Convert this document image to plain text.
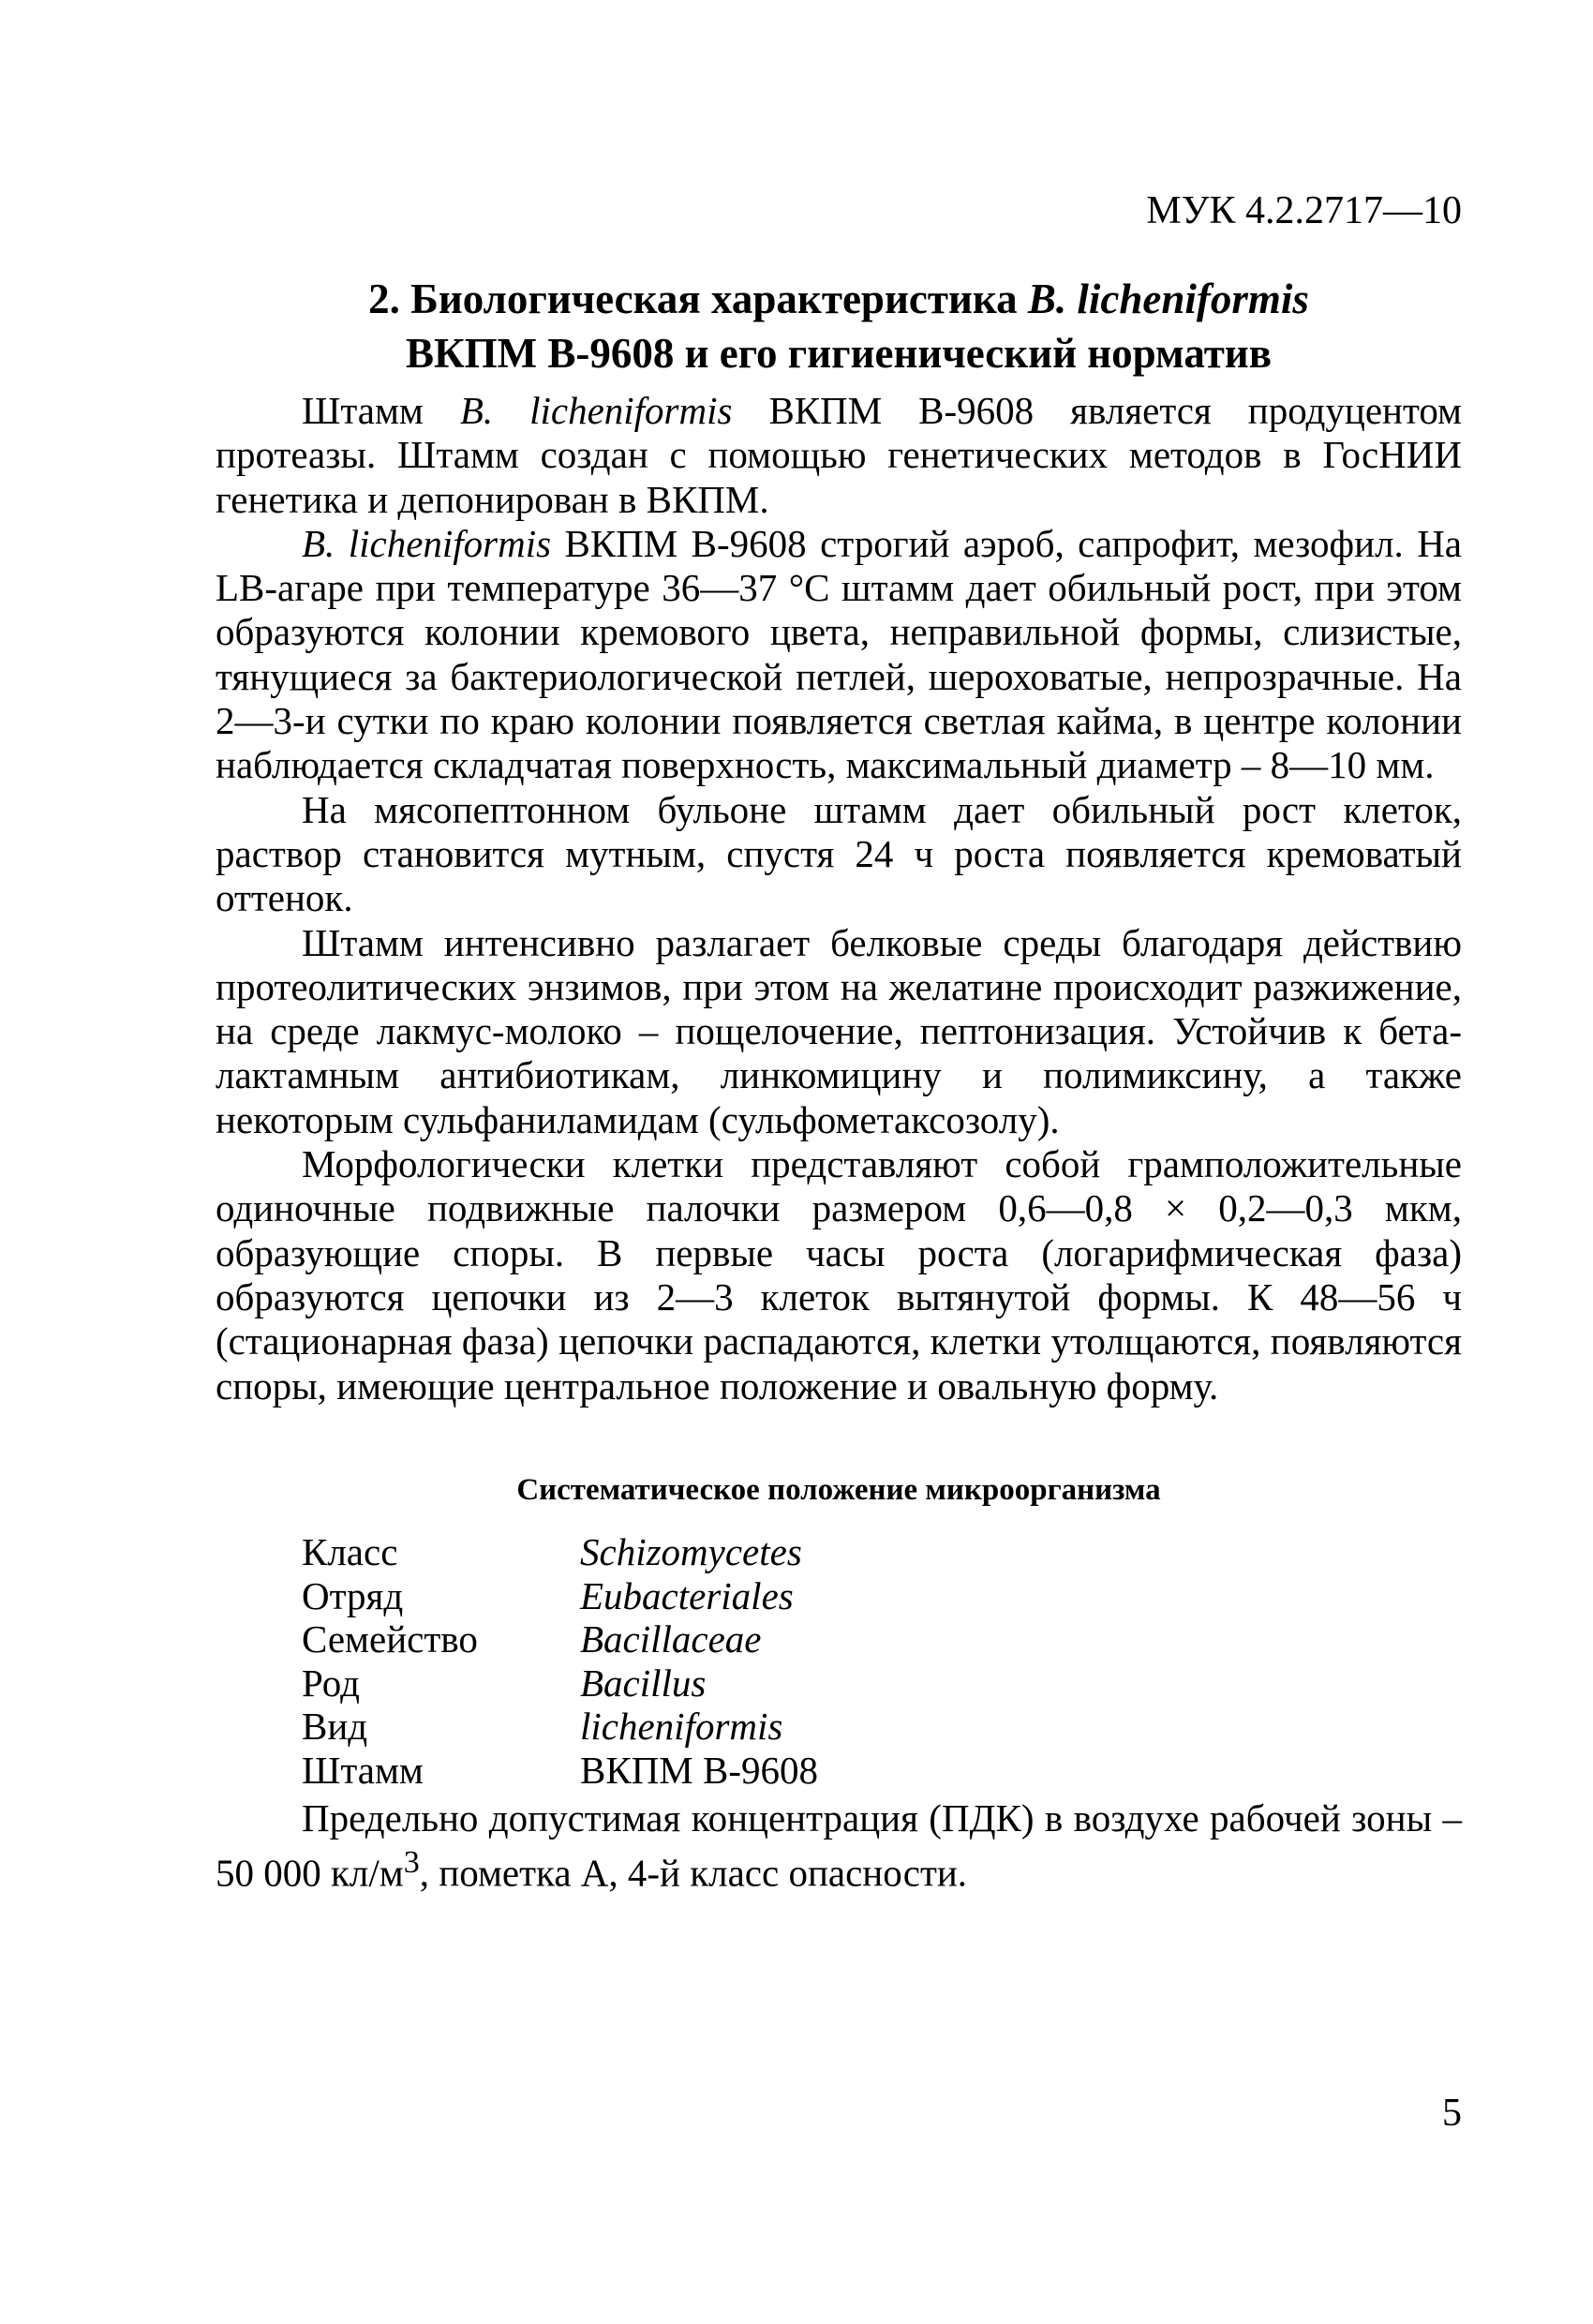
МУК 4.2.2717—10
2. Биологическая характеристика B. licheniformis
ВКПМ В-9608 и его гигиенический норматив

Штамм B. licheniformis ВКПМ В-9608 является продуцентом протеазы. Штамм создан с помощью генетических методов в ГосНИИ генетика и депонирован в ВКПМ.

B. licheniformis ВКПМ В-9608 строгий аэроб, сапрофит, мезофил. На LB-агаре при температуре 36—37 °С штамм дает обильный рост, при этом образуются колонии кремового цвета, неправильной формы, слизистые, тянущиеся за бактериологической петлей, шероховатые, непрозрачные. На 2—3-и сутки по краю колонии появляется светлая кайма, в центре колонии наблюдается складчатая поверхность, максимальный диаметр – 8—10 мм.

На мясопептонном бульоне штамм дает обильный рост клеток, раствор становится мутным, спустя 24 ч роста появляется кремоватый оттенок.

Штамм интенсивно разлагает белковые среды благодаря действию протеолитических энзимов, при этом на желатине происходит разжижение, на среде лакмус-молоко – пощелочение, пептонизация. Устойчив к бета-лактамным антибиотикам, линкомицину и полимиксину, а также некоторым сульфаниламидам (сульфометаксозолу).

Морфологически клетки представляют собой грамположительные одиночные подвижные палочки размером 0,6—0,8 × 0,2—0,3 мкм, образующие споры. В первые часы роста (логарифмическая фаза) образуются цепочки из 2—3 клеток вытянутой формы. К 48—56 ч (стационарная фаза) цепочки распадаются, клетки утолщаются, появляются споры, имеющие центральное положение и овальную форму.

Систематическое положение микроорганизма
Класс	Schizomycetes
Отряд	Eubacteriales
Семейство	Bacillaceae
Род	Bacillus
Вид	licheniformis
Штамм	ВКПМ В-9608

Предельно допустимая концентрация (ПДК) в воздухе рабочей зоны – 50 000 $кл/м^3$, пометка А, 4-й класс опасности.

5
